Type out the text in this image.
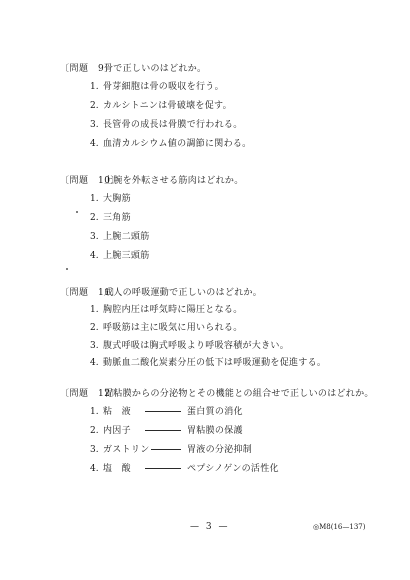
〔問題　9〕骨で正しいのはどれか。
1. 骨芽細胞は骨の吸収を行う。
2. カルシトニンは骨破壊を促す。
3. 長管骨の成長は骨膜で行われる。
4. 血清カルシウム値の調節に関わる。
〔問題　10〕上腕を外転させる筋肉はどれか。
1. 大胸筋
2. 三角筋
3. 上腕二頭筋
4. 上腕三頭筋
〔問題　11〕成人の呼吸運動で正しいのはどれか。
1. 胸腔内圧は呼気時に陽圧となる。
2. 呼吸筋は主に吸気に用いられる。
3. 腹式呼吸は胸式呼吸より呼吸容積が大きい。
4. 動脈血二酸化炭素分圧の低下は呼吸運動を促進する。
〔問題　12〕胃粘膜からの分泌物とその機能との組合せで正しいのはどれか。
1. 粘　液	蛋白質の消化
2. 内因子	胃粘膜の保護
3. ガストリン	胃液の分泌抑制
4. 塩　酸	ペプシノゲンの活性化
— 3 —	◎M8(16—137)
